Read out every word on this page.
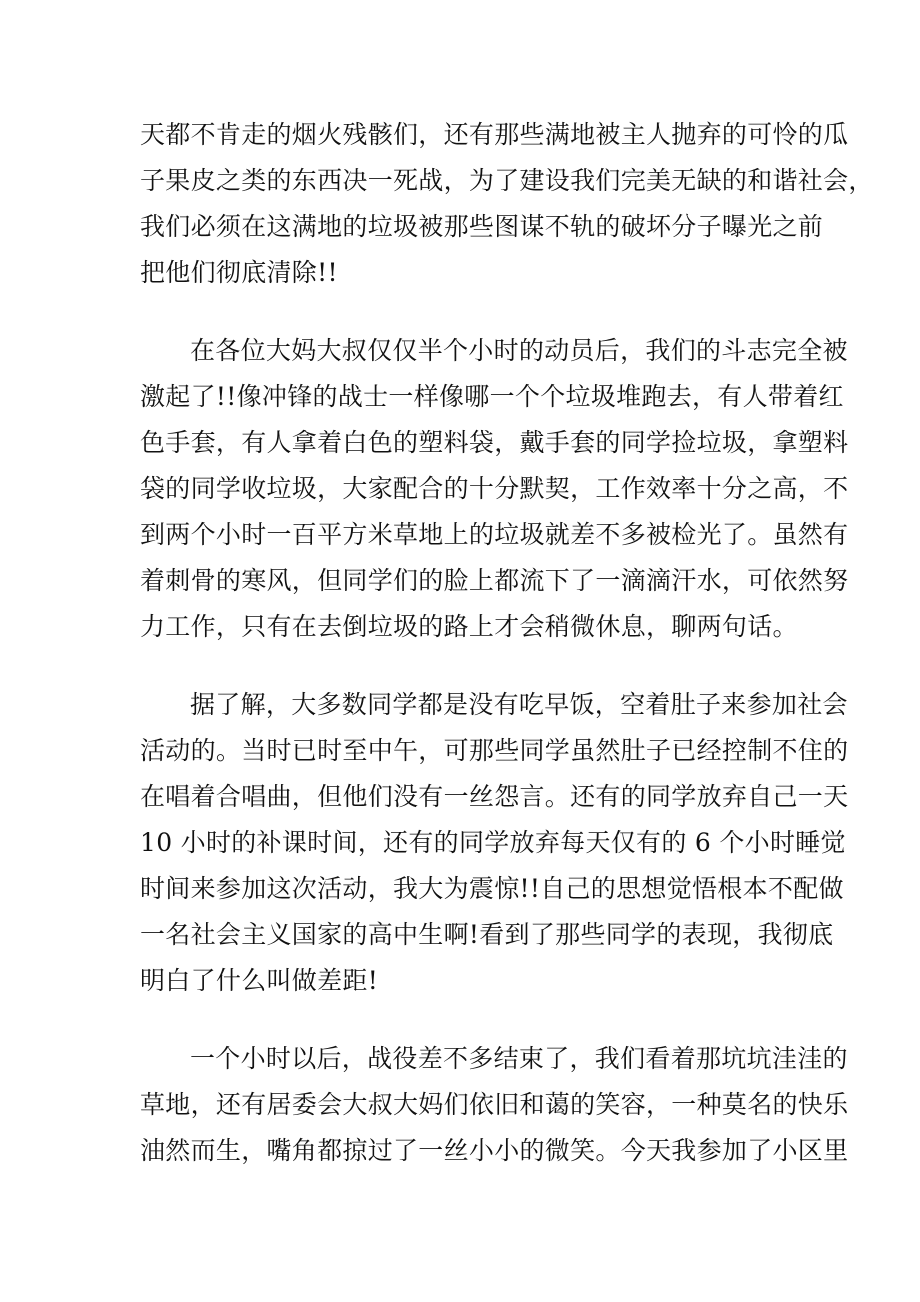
天都不肯走的烟火残骸们，还有那些满地被主人抛弃的可怜的瓜
子果皮之类的东西决一死战，为了建设我们完美无缺的和谐社会，
我们必须在这满地的垃圾被那些图谋不轨的破坏分子曝光之前
把他们彻底清除!!
在各位大妈大叔仅仅半个小时的动员后，我们的斗志完全被
激起了!!像冲锋的战士一样像哪一个个垃圾堆跑去，有人带着红
色手套，有人拿着白色的塑料袋，戴手套的同学捡垃圾，拿塑料
袋的同学收垃圾，大家配合的十分默契，工作效率十分之高，不
到两个小时一百平方米草地上的垃圾就差不多被检光了。虽然有
着刺骨的寒风，但同学们的脸上都流下了一滴滴汗水，可依然努
力工作，只有在去倒垃圾的路上才会稍微休息，聊两句话。
据了解，大多数同学都是没有吃早饭，空着肚子来参加社会
活动的。当时已时至中午，可那些同学虽然肚子已经控制不住的
在唱着合唱曲，但他们没有一丝怨言。还有的同学放弃自己一天
10 小时的补课时间，还有的同学放弃每天仅有的 6 个小时睡觉
时间来参加这次活动，我大为震惊!!自己的思想觉悟根本不配做
一名社会主义国家的高中生啊!看到了那些同学的表现，我彻底
明白了什么叫做差距!
一个小时以后，战役差不多结束了，我们看着那坑坑洼洼的
草地，还有居委会大叔大妈们依旧和蔼的笑容，一种莫名的快乐
油然而生，嘴角都掠过了一丝小小的微笑。今天我参加了小区里
